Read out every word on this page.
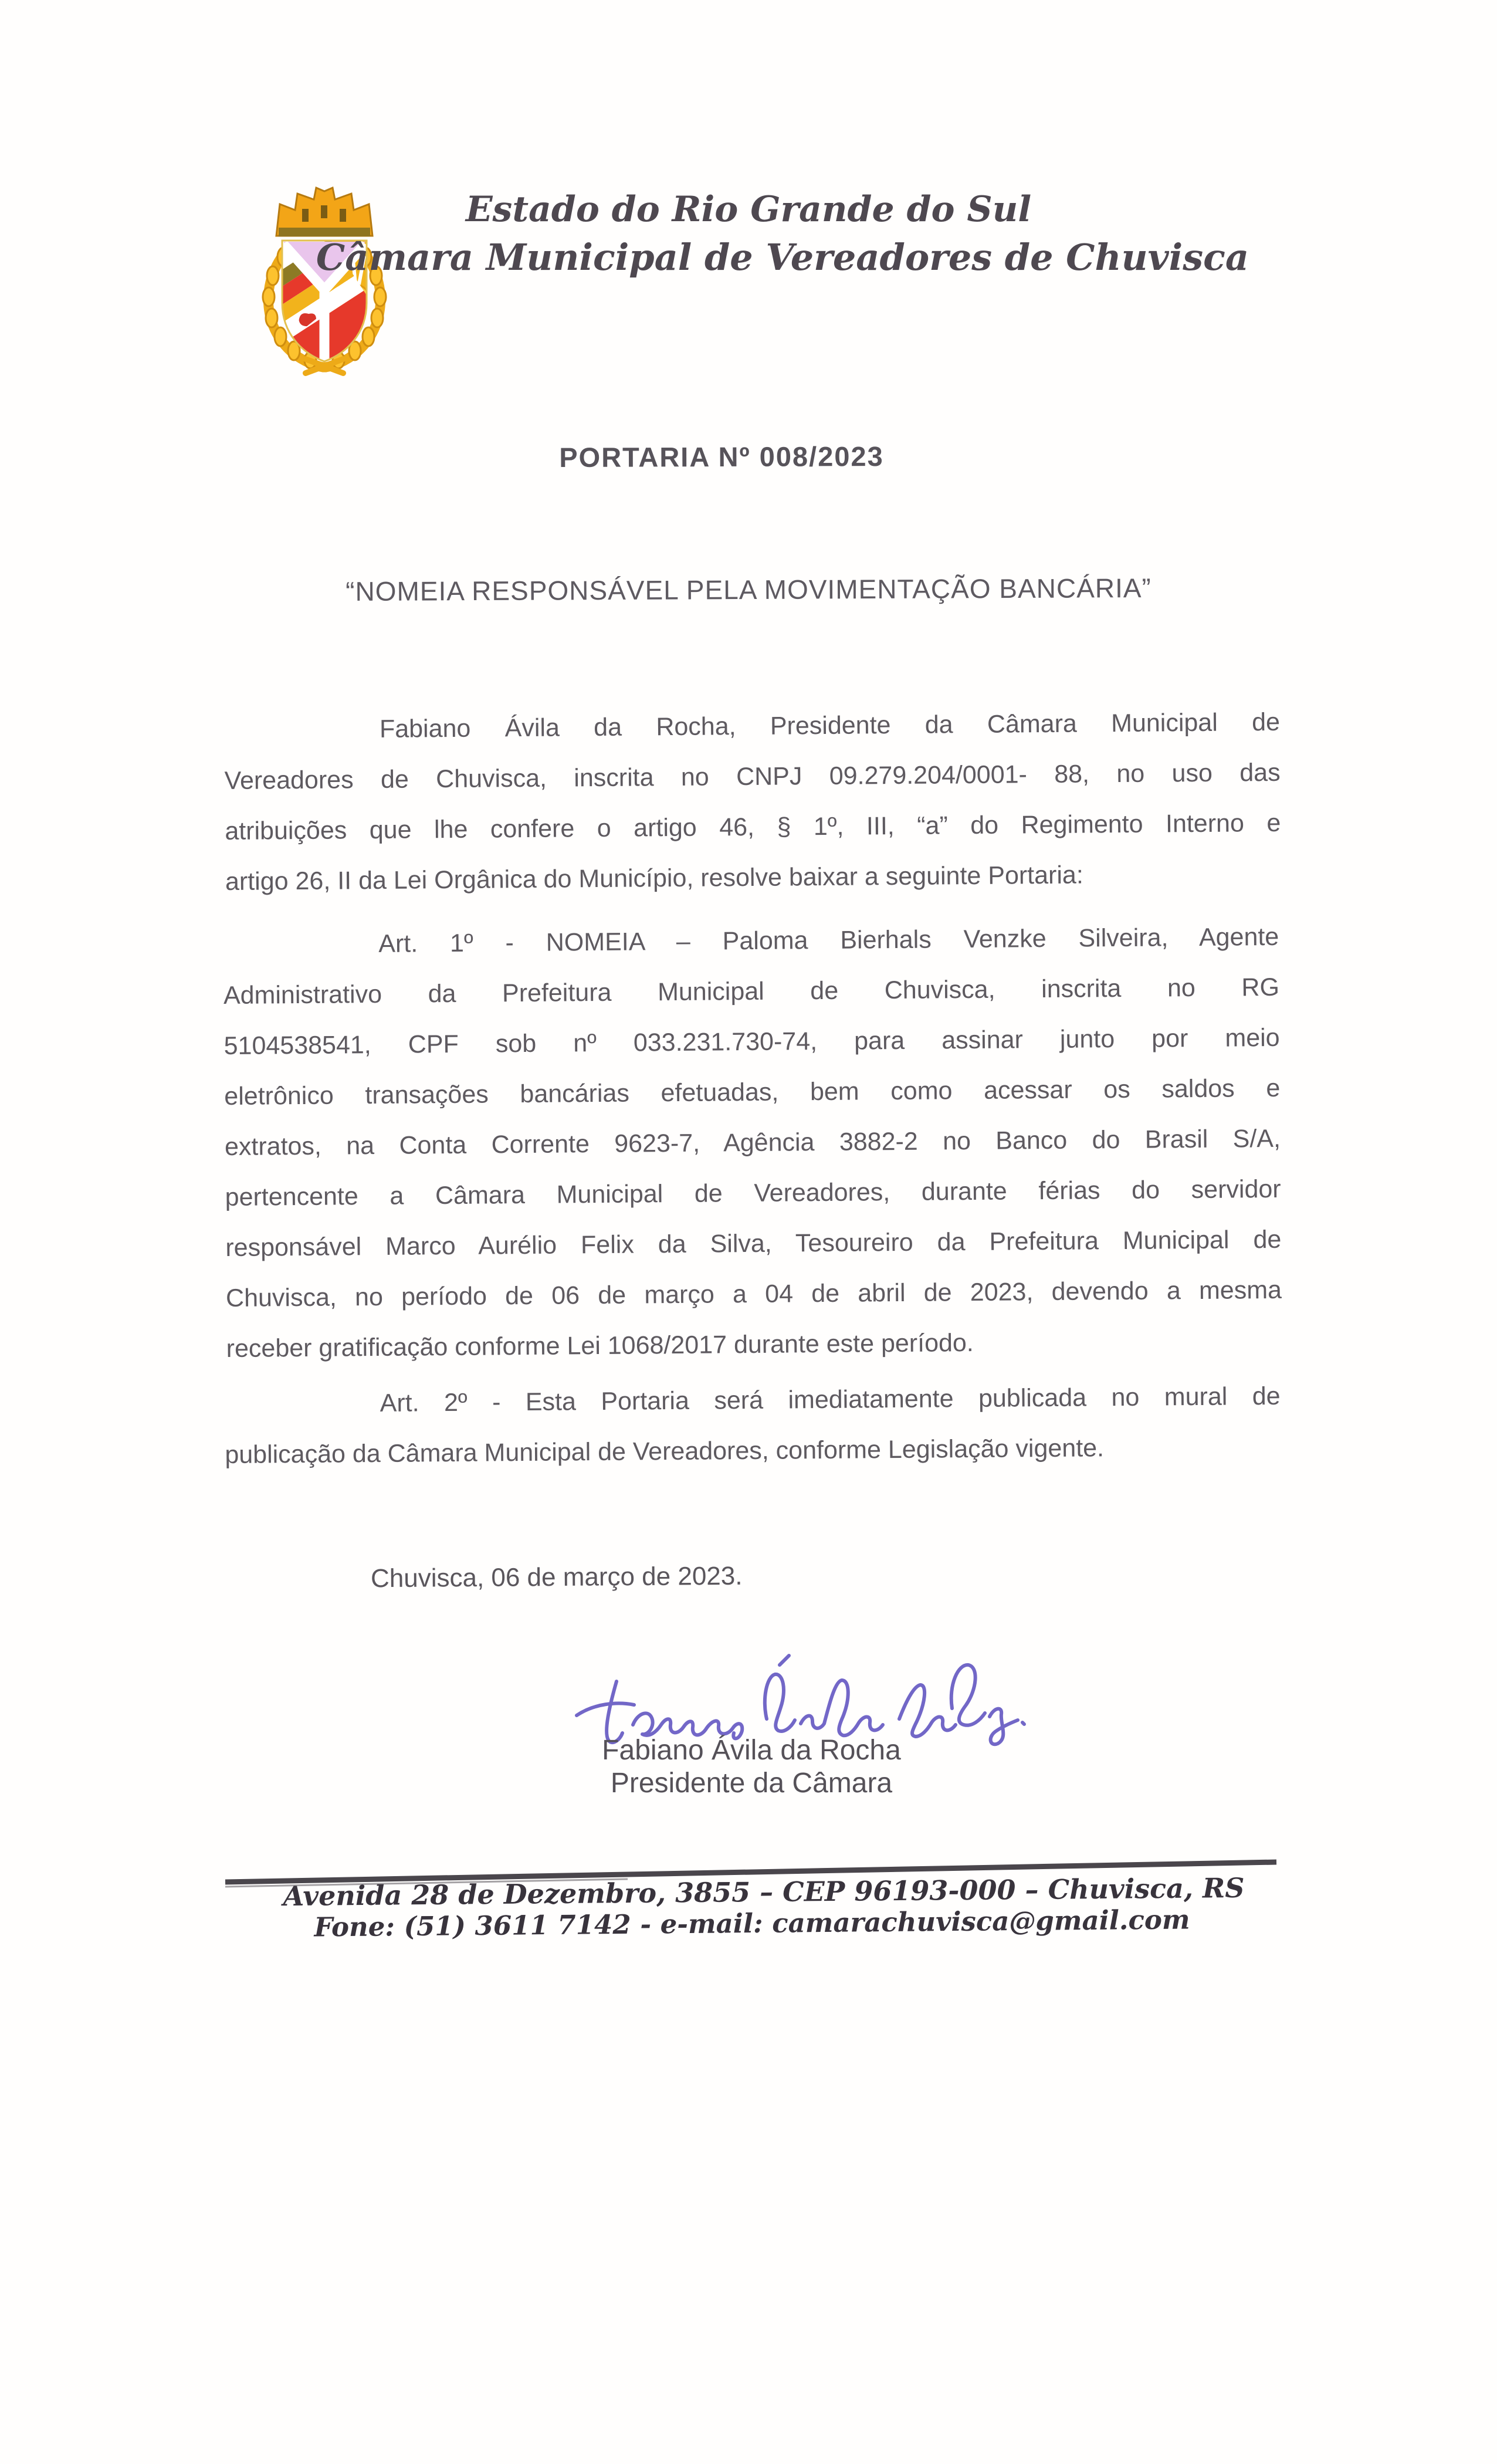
Estado do Rio Grande do Sul
Câmara Municipal de Vereadores de Chuvisca
PORTARIA Nº 008/2023
“NOMEIA RESPONSÁVEL PELA MOVIMENTAÇÃO BANCÁRIA”
Fabiano Ávila da Rocha, Presidente da Câmara Municipal de
Vereadores de Chuvisca, inscrita no CNPJ 09.279.204/0001- 88, no uso das
atribuições que lhe confere o artigo 46, § 1º, III, “a” do Regimento Interno e
artigo 26, II da Lei Orgânica do Município, resolve baixar a seguinte Portaria:
Art. 1º - NOMEIA – Paloma Bierhals Venzke Silveira, Agente
Administrativo da Prefeitura Municipal de Chuvisca, inscrita no RG
5104538541, CPF sob nº 033.231.730-74, para assinar junto por meio
eletrônico transações bancárias efetuadas, bem como acessar os saldos e
extratos, na Conta Corrente 9623-7, Agência 3882-2 no Banco do Brasil S/A,
pertencente a Câmara Municipal de Vereadores, durante férias do servidor
responsável Marco Aurélio Felix da Silva, Tesoureiro da Prefeitura Municipal de
Chuvisca, no período de 06 de março a 04 de abril de 2023, devendo a mesma
receber gratificação conforme Lei 1068/2017 durante este período.
Art. 2º - Esta Portaria será imediatamente publicada no mural de
publicação da Câmara Municipal de Vereadores, conforme Legislação vigente.
Chuvisca, 06 de março de 2023.
Fabiano Ávila da Rocha
Presidente da Câmara
Avenida 28 de Dezembro, 3855 – CEP 96193-000 – Chuvisca, RS
Fone: (51) 3611 7142 - e-mail: camarachuvisca@gmail.com
